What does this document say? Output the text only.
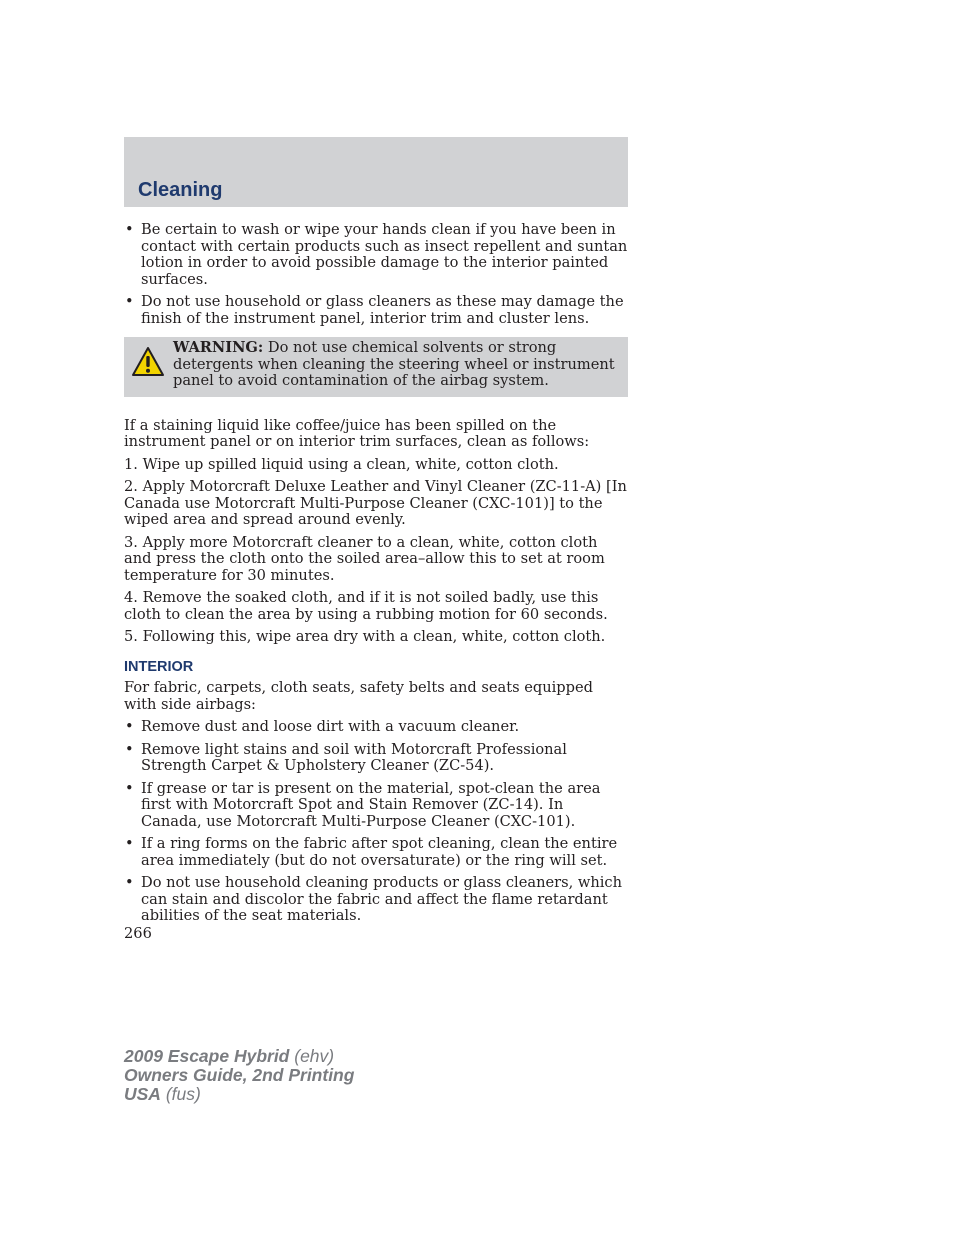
Cleaning
• Be certain to wash or wipe your hands clean if you have been in contact with certain products such as insect repellent and suntan lotion in order to avoid possible damage to the interior painted surfaces.
• Do not use household or glass cleaners as these may damage the finish of the instrument panel, interior trim and cluster lens.
WARNING: Do not use chemical solvents or strong detergents when cleaning the steering wheel or instrument panel to avoid contamination of the airbag system.

If a staining liquid like coffee/juice has been spilled on the instrument panel or on interior trim surfaces, clean as follows:

1. Wipe up spilled liquid using a clean, white, cotton cloth.

2. Apply Motorcraft Deluxe Leather and Vinyl Cleaner (ZC-11-A) [In Canada use Motorcraft Multi-Purpose Cleaner (CXC-101)] to the wiped area and spread around evenly.

3. Apply more Motorcraft cleaner to a clean, white, cotton cloth and press the cloth onto the soiled area–allow this to set at room temperature for 30 minutes.

4. Remove the soaked cloth, and if it is not soiled badly, use this cloth to clean the area by using a rubbing motion for 60 seconds.

5. Following this, wipe area dry with a clean, white, cotton cloth.

INTERIOR

For fabric, carpets, cloth seats, safety belts and seats equipped with side airbags:

• Remove dust and loose dirt with a vacuum cleaner.
• Remove light stains and soil with Motorcraft Professional Strength Carpet & Upholstery Cleaner (ZC-54).
• If grease or tar is present on the material, spot-clean the area first with Motorcraft Spot and Stain Remover (ZC-14). In Canada, use Motorcraft Multi-Purpose Cleaner (CXC-101).
• If a ring forms on the fabric after spot cleaning, clean the entire area immediately (but do not oversaturate) or the ring will set.
• Do not use household cleaning products or glass cleaners, which can stain and discolor the fabric and affect the flame retardant abilities of the seat materials.
266
2009 Escape Hybrid (ehv)
Owners Guide, 2nd Printing
USA (fus)
